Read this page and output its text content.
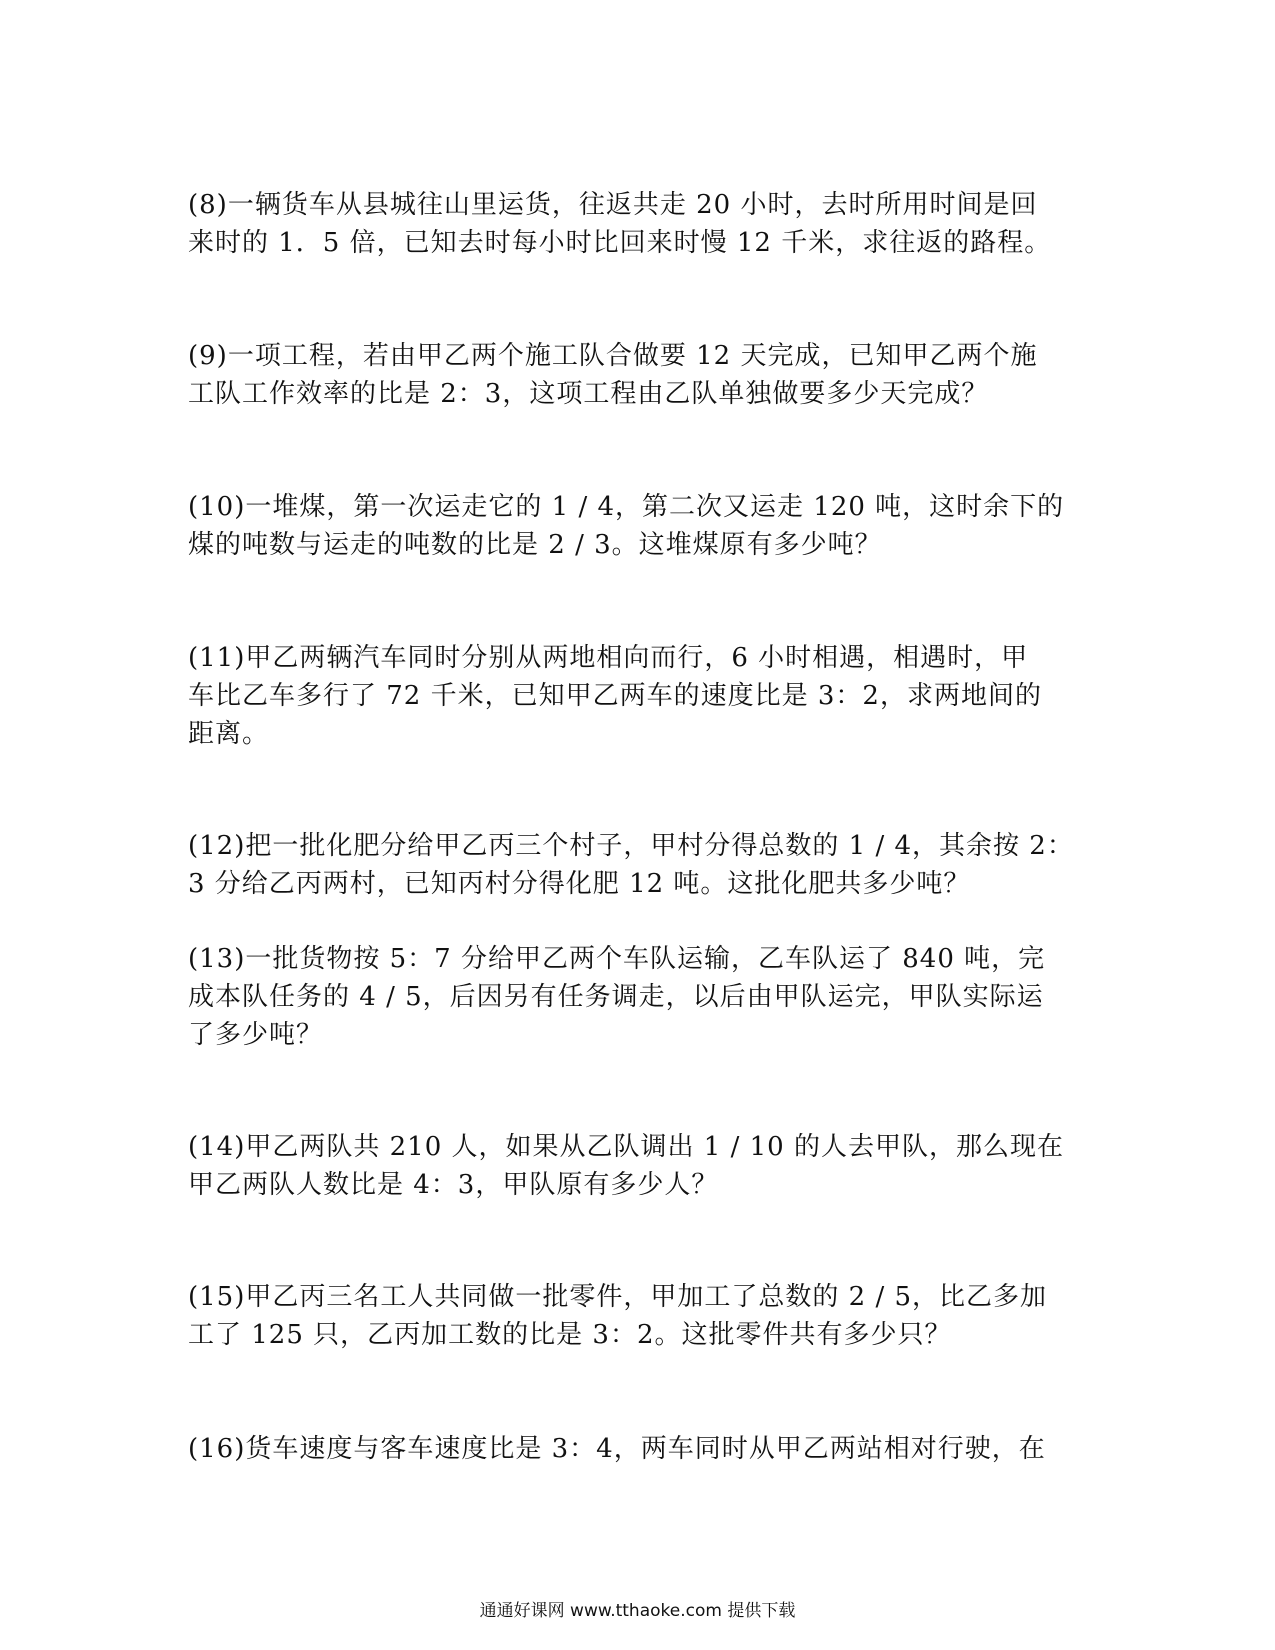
(8)一辆货车从县城往山里运货，往返共走 20 小时，去时所用时间是回
来时的 1．5 倍，已知去时每小时比回来时慢 12 千米，求往返的路程。

(9)一项工程，若由甲乙两个施工队合做要 12 天完成，已知甲乙两个施
工队工作效率的比是 2：3，这项工程由乙队单独做要多少天完成？

(10)一堆煤，第一次运走它的 1 / 4，第二次又运走 120 吨，这时余下的
煤的吨数与运走的吨数的比是 2 / 3。这堆煤原有多少吨？

(11)甲乙两辆汽车同时分别从两地相向而行，6 小时相遇，相遇时，甲
车比乙车多行了 72 千米，已知甲乙两车的速度比是 3：2，求两地间的
距离。

(12)把一批化肥分给甲乙丙三个村子，甲村分得总数的 1 / 4，其余按 2：
3 分给乙丙两村，已知丙村分得化肥 12 吨。这批化肥共多少吨？

(13)一批货物按 5：7 分给甲乙两个车队运输，乙车队运了 840 吨，完
成本队任务的 4 / 5，后因另有任务调走，以后由甲队运完，甲队实际运
了多少吨？

(14)甲乙两队共 210 人，如果从乙队调出 1 / 10 的人去甲队，那么现在
甲乙两队人数比是 4：3，甲队原有多少人？

(15)甲乙丙三名工人共同做一批零件，甲加工了总数的 2 / 5，比乙多加
工了 125 只，乙丙加工数的比是 3：2。这批零件共有多少只？

(16)货车速度与客车速度比是 3：4，两车同时从甲乙两站相对行驶，在

通通好课网 www.tthaoke.com 提供下载
